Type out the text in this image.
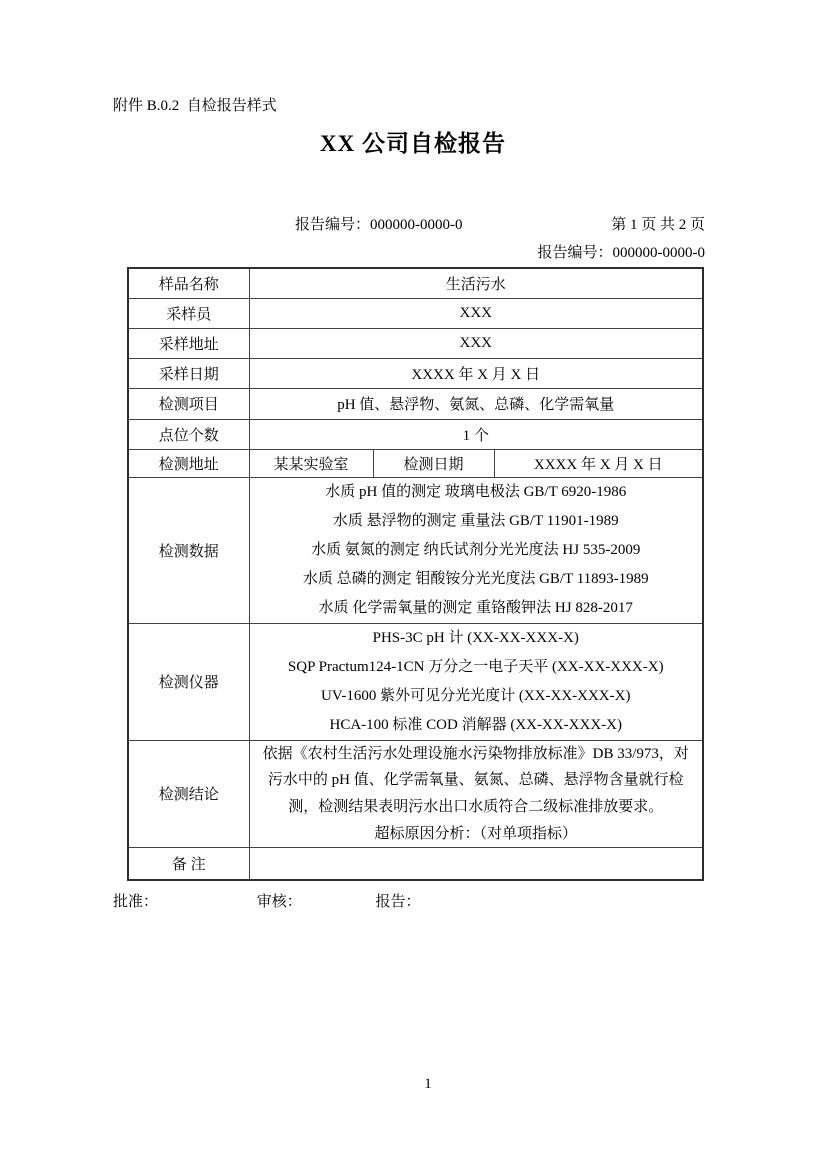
附件 B.0.2  自检报告样式
XX 公司自检报告
报告编号：000000-0000-0	第 1 页 共 2 页
报告编号：000000-0000-0
样品名称	生活污水		
采样员	XXX		
采样地址	XXX		
采样日期	XXXX 年 X 月 X 日		
检测项目	pH 值、悬浮物、氨氮、总磷、化学需氧量		
点位个数	1 个		
检测地址	某某实验室	检测日期	XXXX 年 X 月 X 日
检测数据	水质 pH 值的测定 玻璃电极法 GB/T 6920-1986
水质 悬浮物的测定 重量法 GB/T 11901-1989
水质 氨氮的测定 纳氏试剂分光光度法 HJ 535-2009
水质 总磷的测定 钼酸铵分光光度法 GB/T 11893-1989
水质 化学需氧量的测定 重铬酸钾法 HJ 828-2017		

检测仪器	PHS-3C pH 计 (XX-XX-XXX-X)
SQP Practum124-1CN 万分之一电子天平 (XX-XX-XXX-X)
UV-1600 紫外可见分光光度计 (XX-XX-XXX-X)
HCA-100 标准 COD 消解器 (XX-XX-XXX-X)		

检测结论	依据《农村生活污水处理设施水污染物排放标准》DB 33/973，对
污水中的 pH 值、化学需氧量、氨氮、总磷、悬浮物含量就行检
测，检测结果表明污水出口水质符合二级标准排放要求。
超标原因分析：（对单项指标）		

备 注			
批准：	审核：	报告：
1
